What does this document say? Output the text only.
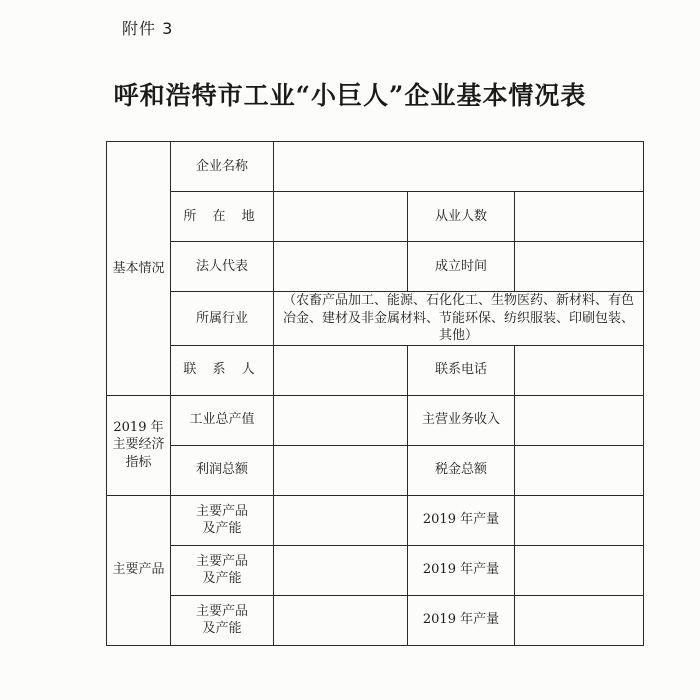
附件 3
呼和浩特市工业“小巨人”企业基本情况表
基本情况	企业名称			
	所 在 地		从业人数	
	法人代表		成立时间	
	所属行业	（农畜产品加工、能源、石化化工、生物医药、新材料、有色冶金、建材及非金属材料、节能环保、纺织服装、印刷包装、其他）		
	联 系 人		联系电话	

2019 年
主要经济
指标	工业总产值		主营业务收入	
	利润总额		税金总额	
主要产品	主要产品
及产能		2019 年产量	

	主要产品
及产能		2019 年产量	

	主要产品
及产能		2019 年产量	
